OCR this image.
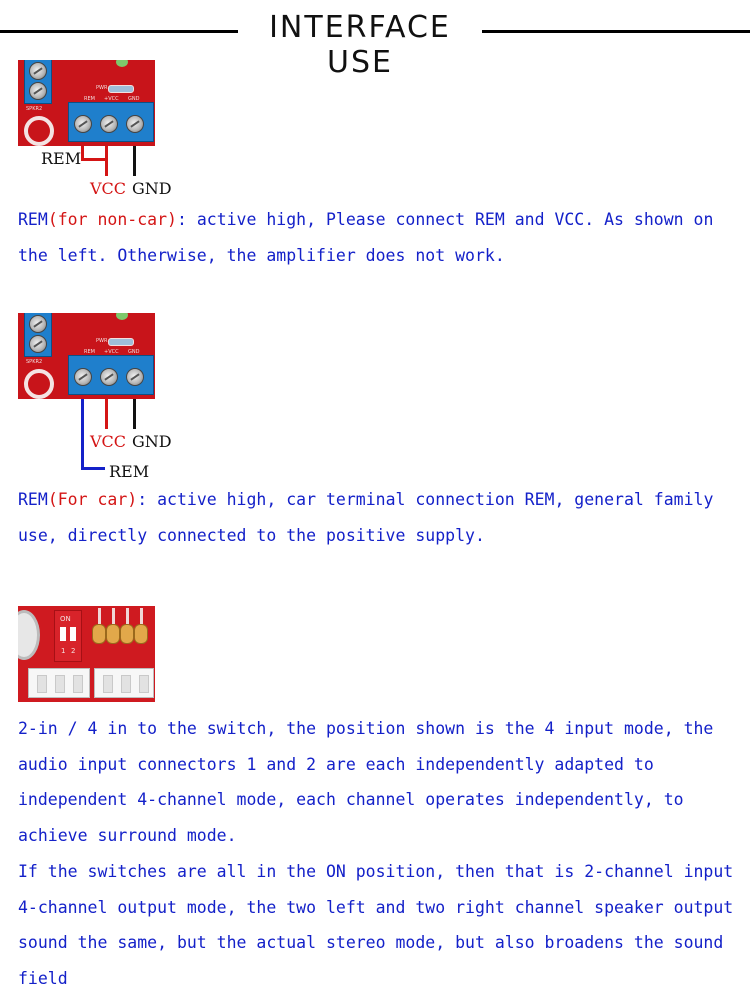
INTERFACE USE
PWR
REM +VCC GND
SPKR2
REM
VCC GND

REM(for non-car): active high, Please connect REM and VCC. As shown on the left. Otherwise, the amplifier does not work.

PWR
REM +VCC GND
SPKR2
VCC GND
REM

REM(For car): active high, car terminal connection REM, general family use, directly connected to the positive supply.

ON
1 2

2-in / 4 in to the switch, the position shown is the 4 input mode, the audio input connectors 1 and 2 are each independently adapted to independent 4-channel mode, each channel operates independently, to achieve surround mode.

If the switches are all in the ON position, then that is 2-channel input 4-channel output mode, the two left and two right channel speaker output sound the same, but the actual stereo mode, but also broadens the sound field
